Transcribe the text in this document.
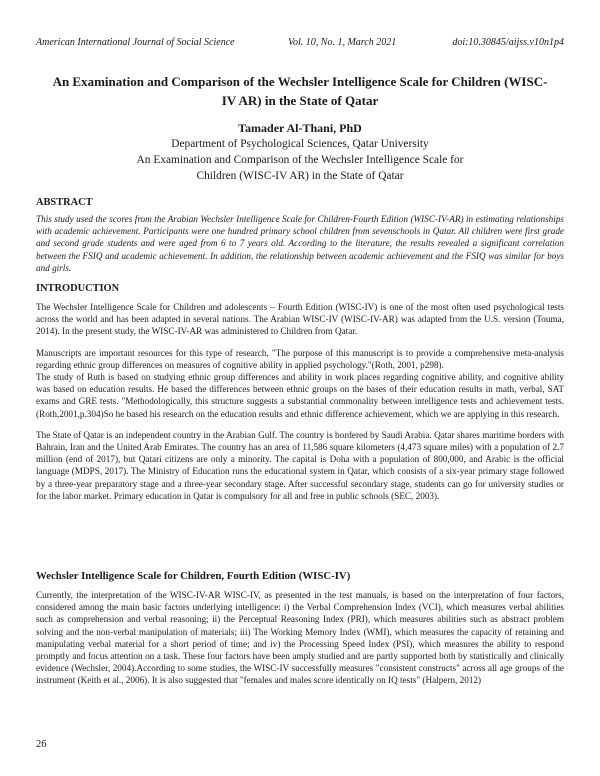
American International Journal of Social Science	Vol. 10, No. 1, March 2021	doi:10.30845/aijss.v10n1p4
An Examination and Comparison of the Wechsler Intelligence Scale for Children (WISC-IV AR) in the State of Qatar
Tamader Al-Thani, PhD
Department of Psychological Sciences, Qatar University
An Examination and Comparison of the Wechsler Intelligence Scale for
Children (WISC-IV AR) in the State of Qatar
ABSTRACT

This study used the scores from the Arabian Wechsler Intelligence Scale for Children-Fourth Edition (WISC-IV-AR) in estimating relationships with academic achievement. Participants were one hundred primary school children from sevenschools in Qatar. All children were first grade and second grade students and were aged from 6 to 7 years old. According to the literature, the results revealed a significant correlation between the FSIQ and academic achievement. In addition, the relationship between academic achievement and the FSIQ was similar for boys and girls.

INTRODUCTION

The Wechsler Intelligence Scale for Children and adolescents – Fourth Edition (WISC-IV) is one of the most often used psychological tests across the world and has been adapted in several nations. The Arabian WISC-IV (WISC-IV-AR) was adapted from the U.S. version (Touma, 2014). In the present study, the WISC-IV-AR was administered to Children from Qatar.

Manuscripts are important resources for this type of research, "The purpose of this manuscript is to provide a comprehensive meta-analysis regarding ethnic group differences on measures of cognitive ability in applied psychology."(Roth, 2001, p298).

The study of Ruth is based on studying ethnic group differences and ability in work places regarding cognitive ability, and cognitive ability was based on education results. He based the differences between ethnic groups on the bases of their education results in math, verbal, SAT exams and GRE tests. "Methodologically, this structure suggests a substantial commonality between intelligence tests and achievement tests. (Roth,2001,p.304)So he based his research on the education results and ethnic difference achievement, which we are applying in this research.

The State of Qatar is an independent country in the Arabian Gulf. The country is bordered by Saudi Arabia. Qatar shares maritime borders with Bahrain, Iran and the United Arab Emirates. The country has an area of 11,586 square kilometers (4,473 square miles) with a population of 2.7 million (end of 2017), but Qatari citizens are only a minority. The capital is Doha with a population of 800,000, and Arabic is the official language (MDPS, 2017). The Ministry of Education runs the educational system in Qatar, which consists of a six-year primary stage followed by a three-year preparatory stage and a three-year secondary stage. After successful secondary stage, students can go for university studies or for the labor market. Primary education in Qatar is compulsory for all and free in public schools (SEC, 2003).

Wechsler Intelligence Scale for Children, Fourth Edition (WISC-IV)

Currently, the interpretation of the WISC-IV-AR WISC-IV, as presented in the test manuals, is based on the interpretation of four factors, considered among the main basic factors underlying intelligence: i) the Verbal Comprehension Index (VCI), which measures verbal abilities such as comprehension and verbal reasoning; ii) the Perceptual Reasoning Index (PRI), which measures abilities such as abstract problem solving and the non-verbal manipulation of materials; iii) The Working Memory Index (WMI), which measures the capacity of retaining and manipulating verbal material for a short period of time; and iv) the Processing Speed Index (PSI), which measures the ability to respond promptly and focus attention on a task. These four factors have been amply studied and are partly supported both by statistically and clinically evidence (Wechsler, 2004).According to some studies, the WISC-IV successfully measures "consistent constructs" across all age groups of the instrument (Keith et al., 2006). It is also suggested that "females and males score identically on IQ tests" (Halpern, 2012)

26
